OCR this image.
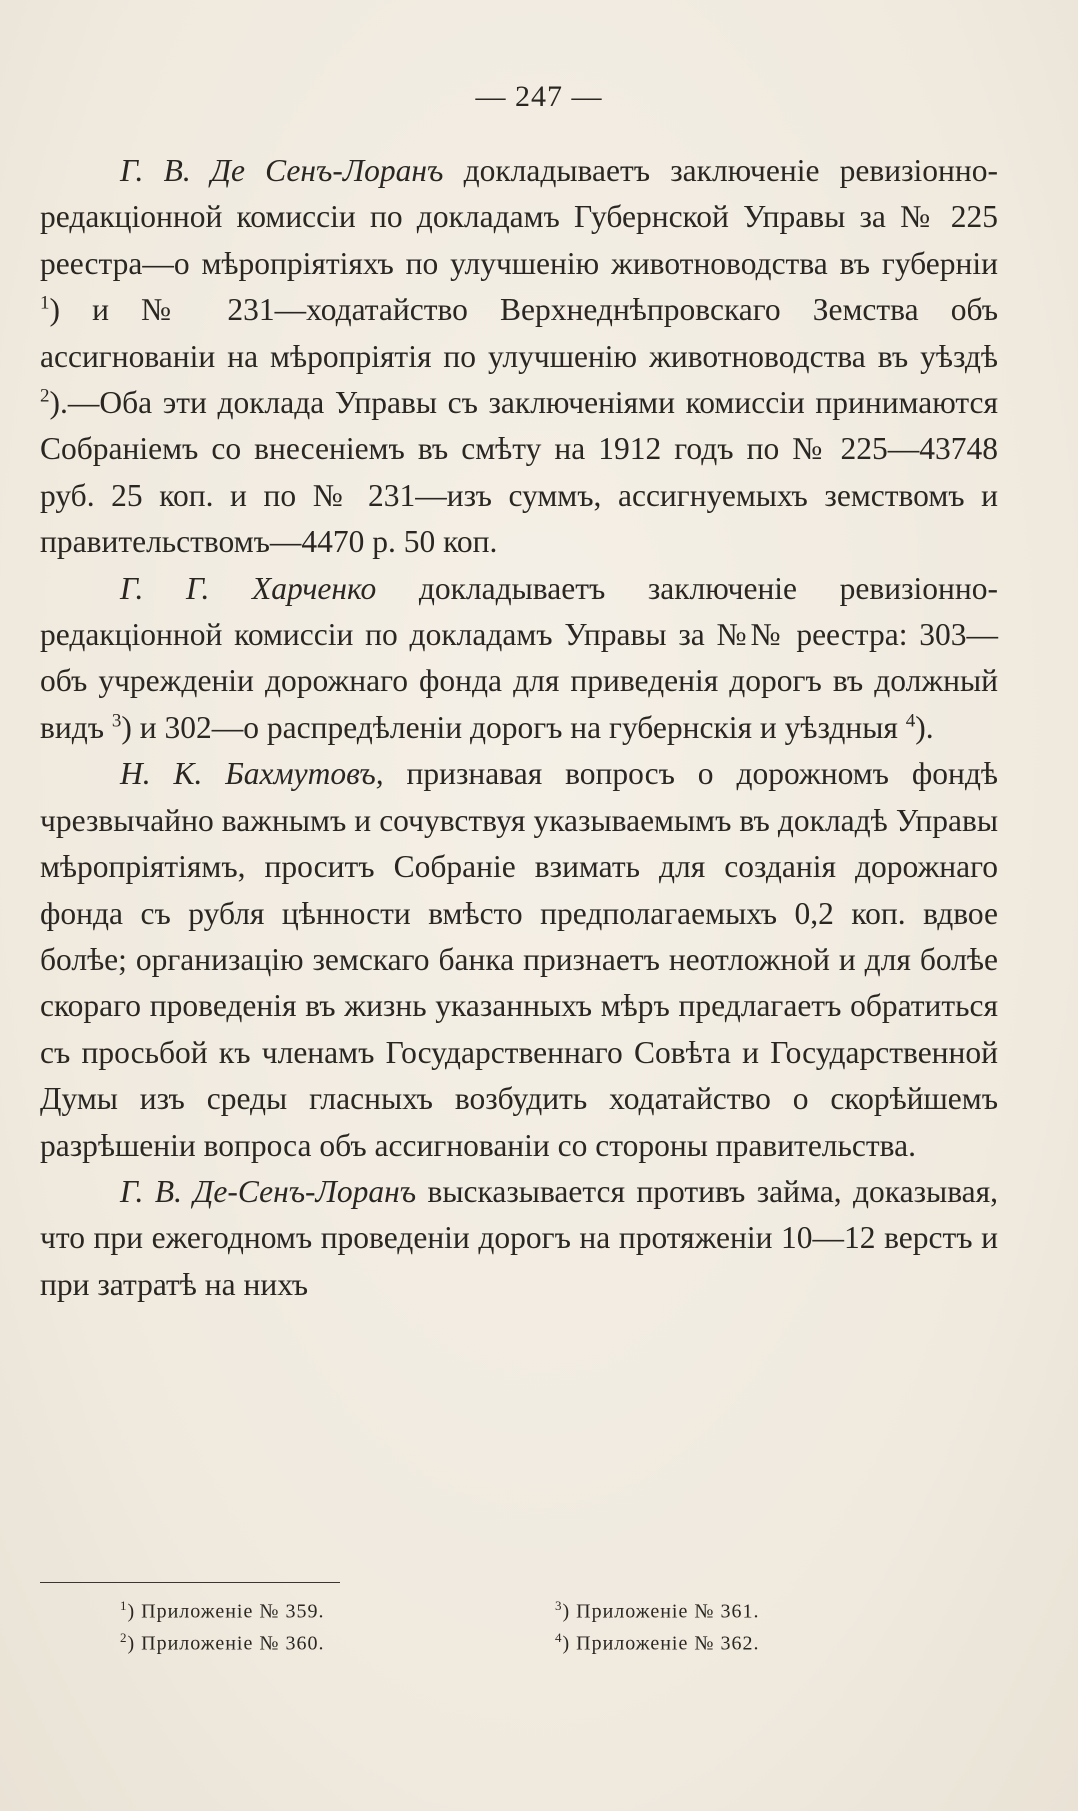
— 247 —

Г. В. Де Сенъ-Лоранъ докладываетъ заключеніе ревизіонно-редакціонной комиссіи по докладамъ Губернской Управы за № 225 реестра—о мѣропріятіяхъ по улучшенію животноводства въ губерніи $^1$) и № 231—ходатайство Верхнеднѣпровскаго Земства объ ассигнованіи на мѣропріятія по улучшенію животноводства въ уѣздѣ $^2$).—Оба эти доклада Управы съ заключеніями комиссіи принимаются Собраніемъ со внесеніемъ въ смѣту на 1912 годъ по № 225—43748 руб. 25 коп. и по № 231—изъ суммъ, ассигнуемыхъ земствомъ и правительствомъ—4470 р. 50 коп.

Г. Г. Харченко докладываетъ заключеніе ревизіонно-редакціонной комиссіи по докладамъ Управы за №№ реестра: 303—объ учрежденіи дорожнаго фонда для приведенія дорогъ въ должный видъ $^3$) и 302—о распредѣленіи дорогъ на губернскія и уѣздныя $^4$).

Н. К. Бахмутовъ, признавая вопросъ о дорожномъ фондѣ чрезвычайно важнымъ и сочувствуя указываемымъ въ докладѣ Управы мѣропріятіямъ, проситъ Собраніе взимать для созданія дорожнаго фонда съ рубля цѣнности вмѣсто предполагаемыхъ 0,2 коп. вдвое болѣе; организацію земскаго банка признаетъ неотложной и для болѣе скораго проведенія въ жизнь указанныхъ мѣръ предлагаетъ обратиться съ просьбой къ членамъ Государственнаго Совѣта и Государственной Думы изъ среды гласныхъ возбудить ходатайство о скорѣйшемъ разрѣшеніи вопроса объ ассигнованіи со стороны правительства.

Г. В. Де-Сенъ-Лоранъ высказывается противъ займа, доказывая, что при ежегодномъ проведеніи дорогъ на протяженіи 10—12 верстъ и при затратѣ на нихъ

$^1$) Приложеніе № 359.
$^2$) Приложеніе № 360.
$^3$) Приложеніе № 361.
$^4$) Приложеніе № 362.
